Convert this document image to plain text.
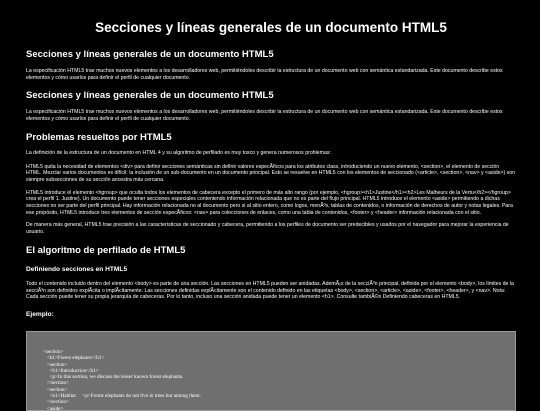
Secciones y líneas generales de un documento HTML5
Secciones y líneas generales de un documento HTML5

La especificación HTML5 trae muchos nuevos elementos a los desarrolladores web, permitiéndoles describir la estructura de un documento web con semántica estandarizada. Este documento describe estos elementos y cómo usarlos para definir el perfil de cualquier documento.

Secciones y líneas generales de un documento HTML5

La especificación HTML5 trae muchos nuevos elementos a los desarrolladores web, permitiéndoles describir la estructura de un documento web con semántica estandarizada. Este documento describe estos elementos y cómo usarlos para definir el perfil de cualquier documento.

Problemas resueltos por HTML5

La definición de la estructura de un documento en HTML 4 y su algoritmo de perfilado es muy tosco y genera numerosos problemas:

HTML5 quita la necesidad de elementos <div> para definir secciones semánticas sin definir valores especÃficos para los atributos class, introduciendo un nuevo elemento, <section>, el elemento de sección HTML. Mezclar varios documentos es difícil: la inclusión de un sub-documento en un documento principal. Esto se resuelve en HTML5 con los elementos de seccionado (<article>, <section>, <nav> y <aside>) son siempre subsecciones de su sección ancestra más cercana.

HTML5 introduce el elemento <hgroup> que oculta todos los elementos de cabecera excepto el primero de más alto rango (por ejemplo, <hgroup><h1>Justine</h1><h2>Les Malheurs de la Vertu</h2></hgroup> crea el perfil 1. Justine). Un documento puede tener secciones especiales conteniendo información relacionada que no es parte del flujo principal. HTML5 introduce el elemento <aside> permitiendo a dichas secciones no ser parte del perfil principal. Hay información relacionada no al documento pero si al sitio entero, como logos, menÃºs, tablas de contenidos, o información de derechos de autor y notas legales. Para ese propósito, HTML5 introduce tres elementos de sección especÃficos: <nav> para colecciones de enlaces, como una tabla de contenidos, <footer> y <header> información relacionada con el sitio.

De manera más general, HTML5 trae precisión a las características de seccionado y cabecera, permitiendo a los perfiles de documento ser predecibles y usados por el navegador para mejorar la experiencia de usuario.

El algoritmo de perfilado de HTML5
Definiendo secciones en HTML5

Todo el contenido incluido dentro del elemento <body> es parte de una sección. Las secciones en HTML5 pueden ser anidadas. AdemÃ¡s de la secciÃ³n principal, definida por el elemento <body>, los límites de la secciÃ³n son definidos explÃcita o implÃcitamente. Las secciones definidas explÃcitamente son el contenido definido en las etiquetas <body>, <section>, <article>, <aside>, <footer>, <header>, y <nav>. Nota: Cada sección puede tener su propia jerarquía de cabeceras. Por lo tanto, incluso una sección anidada puede tener un elemento <h1>. Consulte tambiÃ©n Definiendo cabeceras en HTML5.

Ejemplo:
<section>
<h1>Forest elephants</h1>
<section>
<h1>Introduction</h1>
<p>In this section, we discuss the lesser known forest elephants.
</section>
<section>
<h1>Habitat     <p>Forest elephants do not live in trees but among them.
</section>
<aside>
